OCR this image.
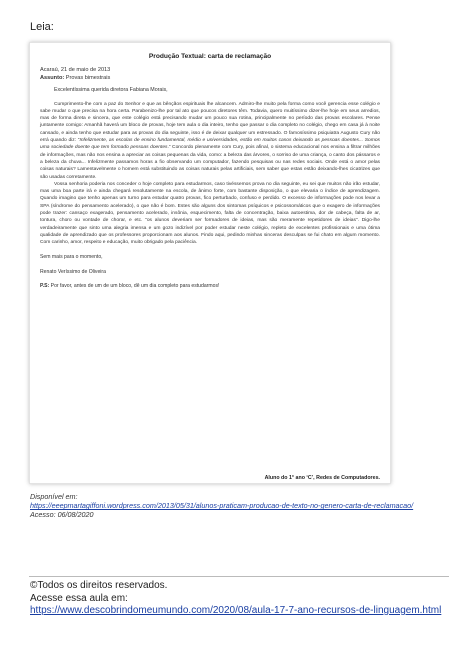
Leia:
Produção Textual: carta de reclamação
Acaraú, 21 de maio de 2013
Assunto: Provas bimestrais
Excelentíssima querida diretora Fabiana Morais,

Cumprimento-lhe com a paz do Senhor e que as bênçãos espirituais lhe alcancem. Admiro-lhe muito pela forma como você gerencia esse colégio e sabe mudar o que precisa na hora certa. Parabenizo-lhe por tal ato que poucos diretores têm. Todavia, quero muitíssimo dizer-lhe hoje em seus arredios, mas de forma direta e sincera, que este colégio está precisando mudar um pouco sua rotina, principalmente no período das provas escolares. Pense juntamente comigo: Amanhã haverá um bloco de provas, hoje tem aula o dia inteiro, tenho que passar o dia completo no colégio, chego em casa já à noite cansado, e ainda tenho que estudar para as provas do dia seguinte, isso é de deixar qualquer um estressado. O famosíssimo psiquiatra Augusto Cury não errá quando diz: “Infelizmente, as escolas de ensino fundamental, médio e universidades, estão em muitos casos deixando as pessoas doentes... Somos uma sociedade doente que tem formado pessoas doentes.” Concordo plenamente com Cury, pois afinal, o sistema educacional nos ensina a filtrar milhões de informações, mas não nos ensina a apreciar as coisas pequenas da vida, como: a beleza das árvores, o sorriso de uma criança, o canto dos pássaros e a beleza da chuva... Infelizmente passamos horas a fio observando um computador, fazendo pesquisas ou nas redes sociais. Onde está o amor pelas coisas naturais? Lamentavelmente o homem está substituindo as coisas naturais pelas artificiais, sem saber que estas estão deixando-lhes cicatrizes que são usadas corretamente.

Vossa senhoria poderia nos conceder o hoje completo para estudarmos, caso tivéssemos prova no dia seguinte, eu sei que muitos não irão estudar, mas uma boa parte irá e ainda chegará resolutamente na escola, de ânimo forte, com bastante disposição, o que elevaria o índice de aprendizagem. Quando imagino que tenho apenas um turno para estudar quatro provas, fico perturbado, confuso e perdido. O excesso de informações pode nos levar a SPA (síndrome do pensamento acelerado), o que não é bom. Estes são alguns dos sintomas psíquicos e psicossomáticos que o exagero de informações pode trazer: cansaço exagerado, pensamento acelerado, insônia, esquecimento, falta de concentração, baixa autoestima, dor de cabeça, falta de ar, tontura, choro ou vontade de chorar, e etc. “os alunos deveriam ser formadores de ideias, mas são meramente repetidores de ideias”. Digo-lhe verdadeiramente que sinto uma alegria imensa e um gozo indizível por poder estudar neste colégio, repleto de excelentes profissionais e uma ótima qualidade de aprendizado que os professores proporcionam aos alunos. Findo aqui, pedindo minhas sinceras desculpas se fui chato em algum momento. Com carinho, amor, respeito e educação, muito obrigado pela paciência.

Sem mais para o momento,
Renato Veríssimo de Oliveira
P.S: Por favor, antes de um de um bloco, dê um dia completo para estudarmos!
Aluno do 1° ano ‘C’, Redes de Computadores.
Disponível em:
https://eeepmartagiffoni.wordpress.com/2013/05/31/alunos-praticam-producao-de-texto-no-genero-carta-de-reclamacao/
Acesso: 06/08/2020
©Todos os direitos reservados.
Acesse essa aula em:
https://www.descobrindomeumundo.com/2020/08/aula-17-7-ano-recursos-de-linguagem.html
